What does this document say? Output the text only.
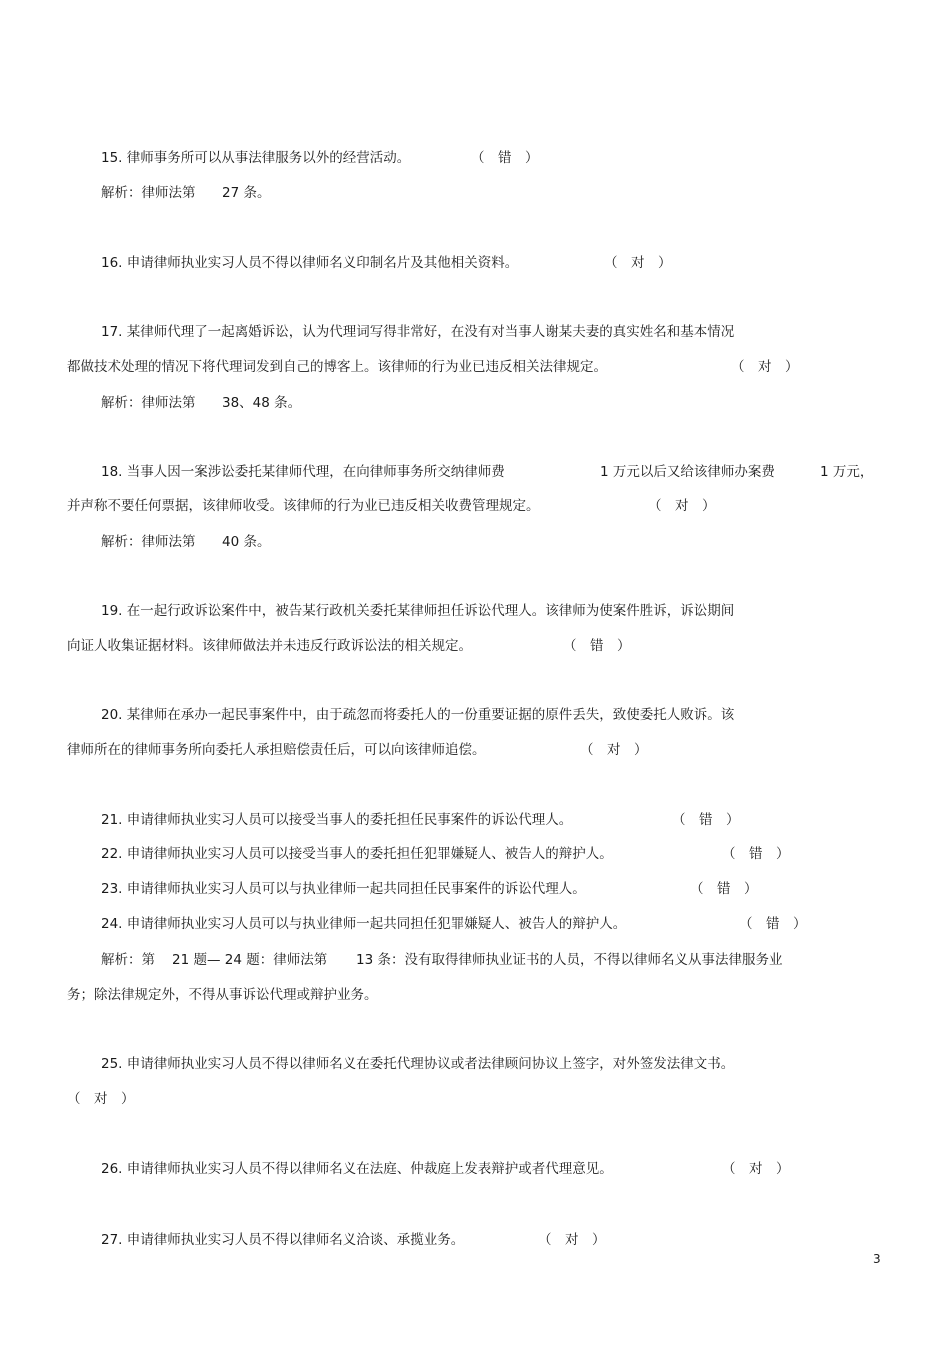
15. 律师事务所可以从事法律服务以外的经营活动。	（　错　）
解析：律师法第 27 条。
16. 申请律师执业实习人员不得以律师名义印制名片及其他相关资料。	（　对　）
17. 某律师代理了一起离婚诉讼，认为代理词写得非常好，在没有对当事人谢某夫妻的真实姓名和基本情况
都做技术处理的情况下将代理词发到自己的博客上。该律师的行为业已违反相关法律规定。	（　对　）
解析：律师法第 38、48 条。
18. 当事人因一案涉讼委托某律师代理，在向律师事务所交纳律师费	1 万元以后又给该律师办案费	1 万元，
并声称不要任何票据，该律师收受。该律师的行为业已违反相关收费管理规定。	（　对　）
解析：律师法第 40 条。
19. 在一起行政诉讼案件中，被告某行政机关委托某律师担任诉讼代理人。该律师为使案件胜诉，诉讼期间
向证人收集证据材料。该律师做法并未违反行政诉讼法的相关规定。	（　错　）
20. 某律师在承办一起民事案件中，由于疏忽而将委托人的一份重要证据的原件丢失，致使委托人败诉。该
律师所在的律师事务所向委托人承担赔偿责任后，可以向该律师追偿。	（　对　）
21. 申请律师执业实习人员可以接受当事人的委托担任民事案件的诉讼代理人。	（　错　）
22. 申请律师执业实习人员可以接受当事人的委托担任犯罪嫌疑人、被告人的辩护人。	（　错　）
23. 申请律师执业实习人员可以与执业律师一起共同担任民事案件的诉讼代理人。	（　错　）
24. 申请律师执业实习人员可以与执业律师一起共同担任犯罪嫌疑人、被告人的辩护人。	（　错　）
解析：第 21 题— 24 题：律师法第 13 条：没有取得律师执业证书的人员，不得以律师名义从事法律服务业
务；除法律规定外，不得从事诉讼代理或辩护业务。
25. 申请律师执业实习人员不得以律师名义在委托代理协议或者法律顾问协议上签字，对外签发法律文书。
（　对　）
26. 申请律师执业实习人员不得以律师名义在法庭、仲裁庭上发表辩护或者代理意见。	（　对　）
27. 申请律师执业实习人员不得以律师名义洽谈、承揽业务。	（　对　）
3
